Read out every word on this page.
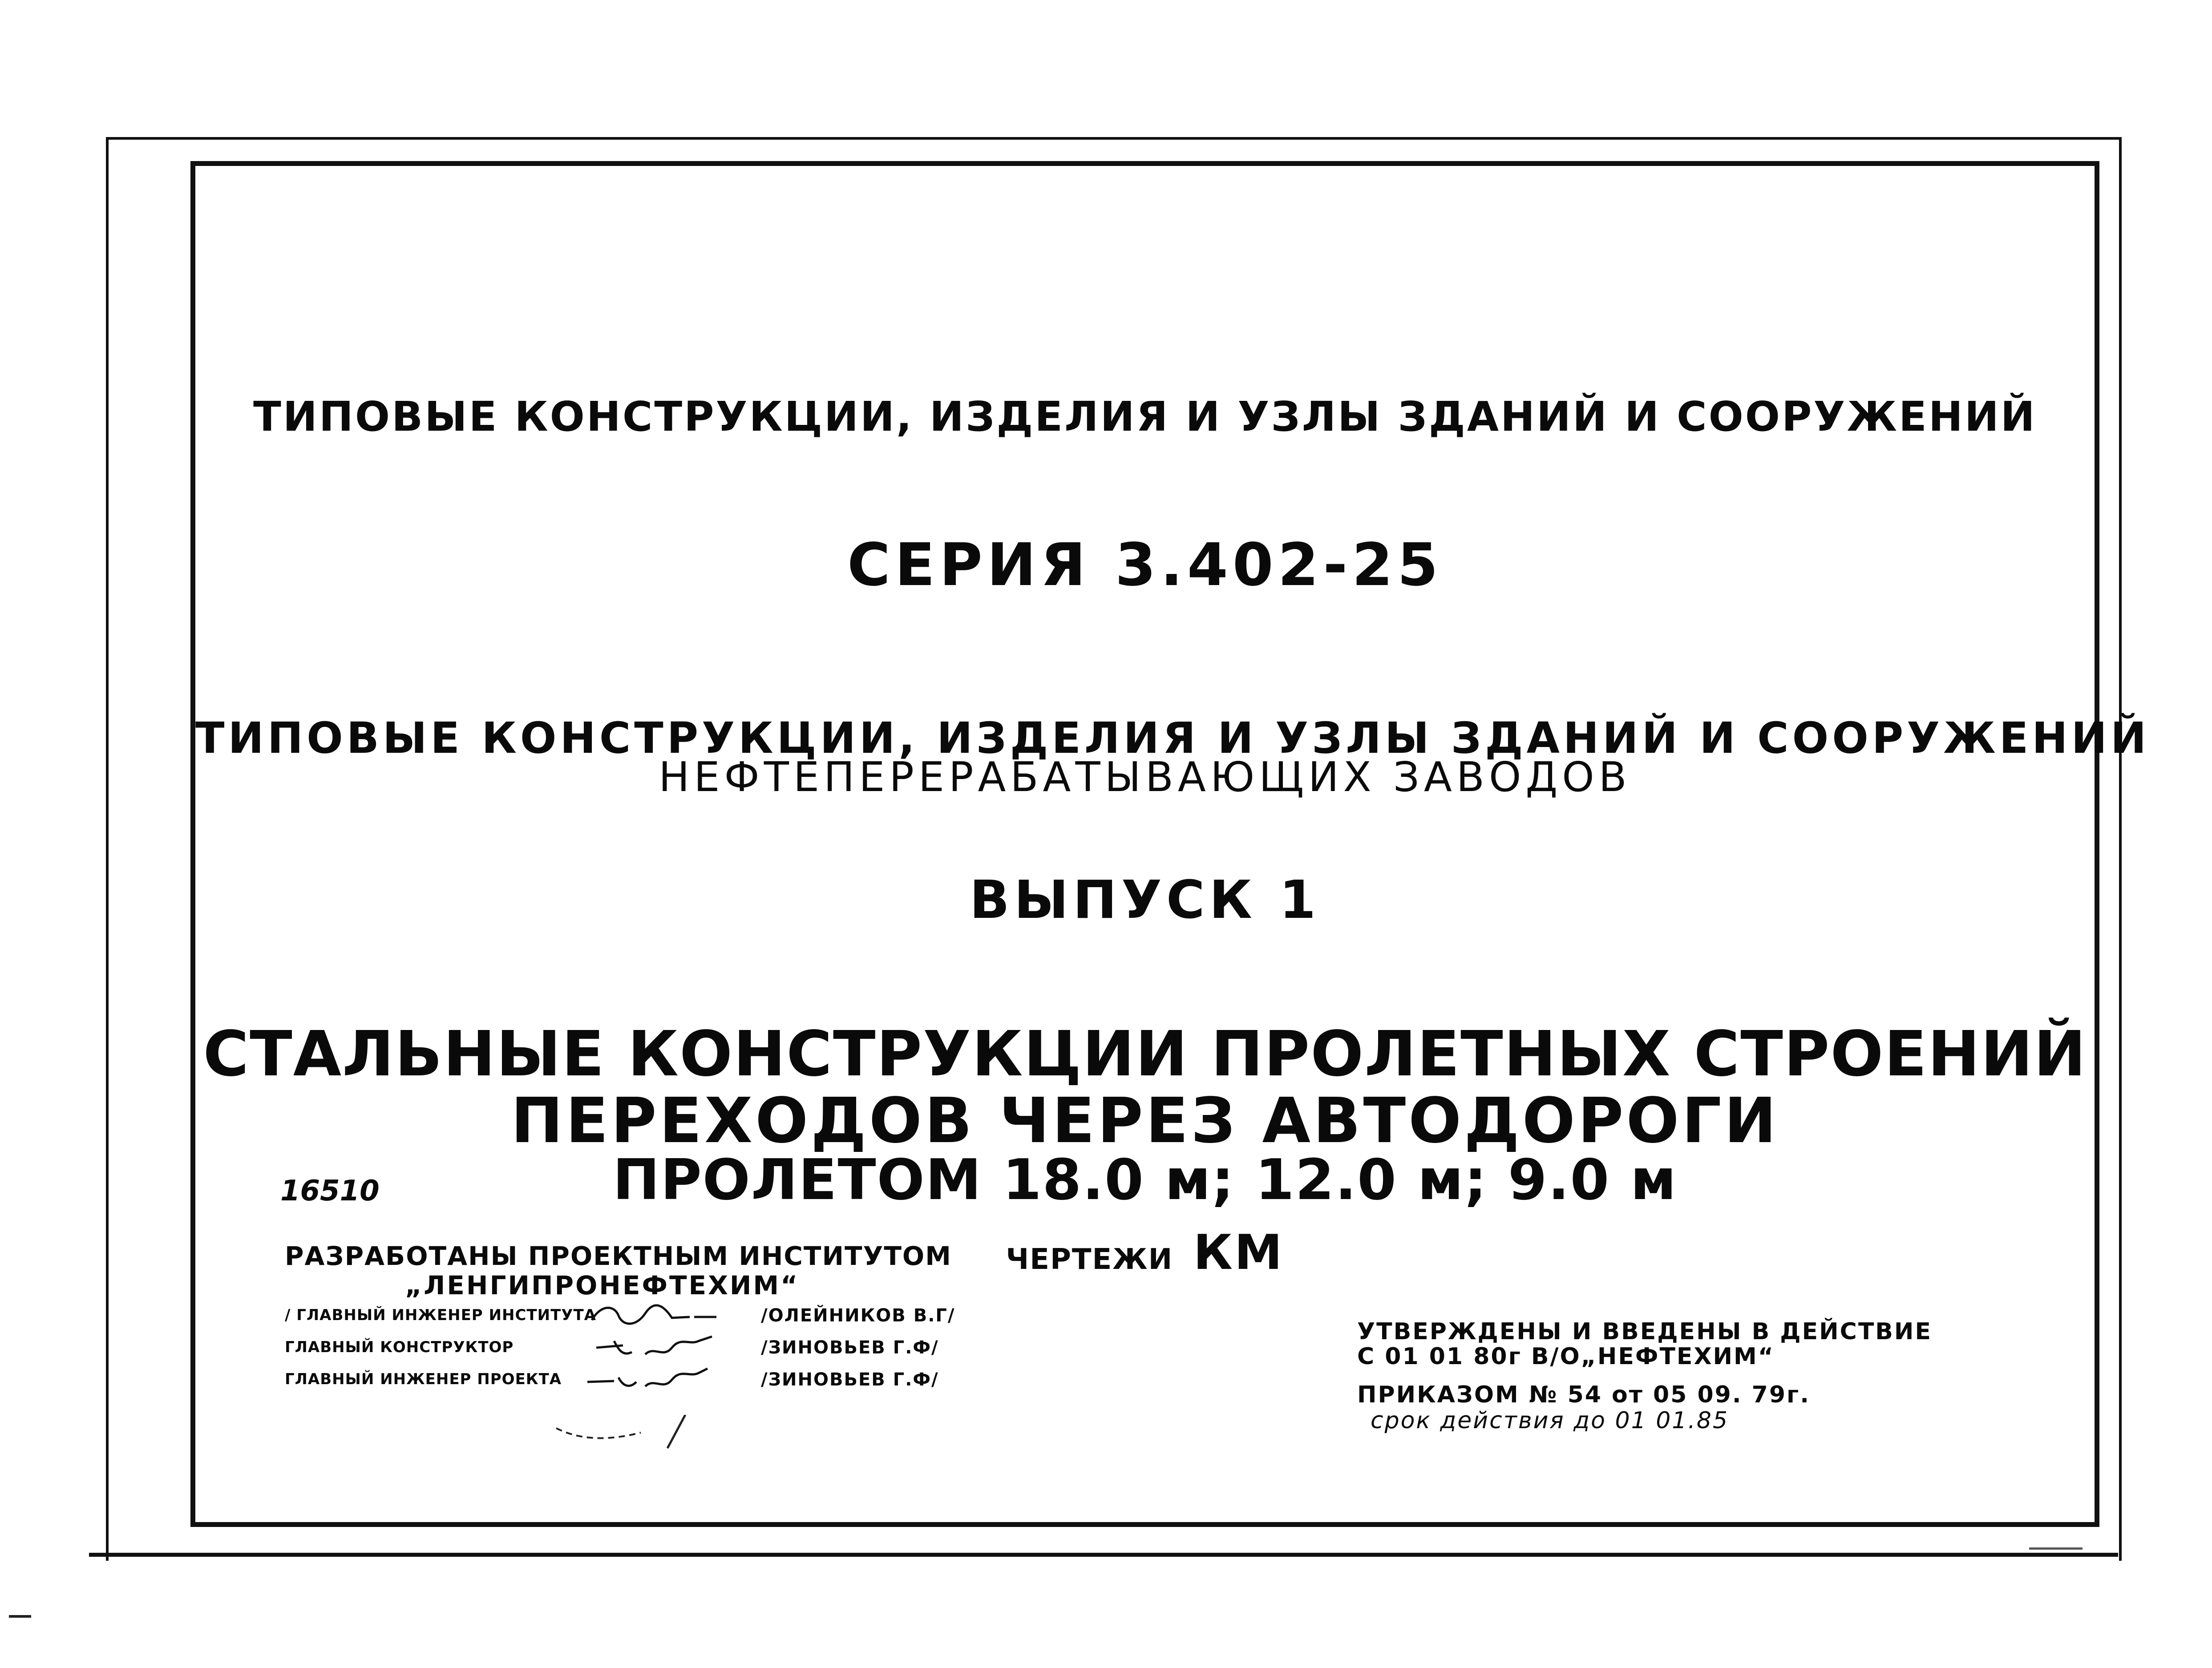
ТИПОВЫЕ КОНСТРУКЦИИ, ИЗДЕЛИЯ И УЗЛЫ ЗДАНИЙ И СООРУЖЕНИЙ
СЕРИЯ 3.402-25
ТИПОВЫЕ КОНСТРУКЦИИ, ИЗДЕЛИЯ И УЗЛЫ ЗДАНИЙ И СООРУЖЕНИЙ
НЕФТЕПЕРЕРАБАТЫВАЮЩИХ ЗАВОДОВ
ВЫПУСК 1
СТАЛЬНЫЕ КОНСТРУКЦИИ ПРОЛЕТНЫХ СТРОЕНИЙ
ПЕРЕХОДОВ ЧЕРЕЗ АВТОДОРОГИ
ПРОЛЕТОМ 18.0 м; 12.0 м; 9.0 м
ЧЕРТЕЖИ КМ
16510
РАЗРАБОТАНЫ ПРОЕКТНЫМ ИНСТИТУТОМ
„ЛЕНГИПРОНЕФТЕХИМ“
/ ГЛАВНЫЙ ИНЖЕНЕР ИНСТИТУТА	/ОЛЕЙНИКОВ В.Г/
ГЛАВНЫЙ КОНСТРУКТОР	/ЗИНОВЬЕВ Г.Ф/
ГЛАВНЫЙ ИНЖЕНЕР ПРОЕКТА	/ЗИНОВЬЕВ Г.Ф/
УТВЕРЖДЕНЫ И ВВЕДЕНЫ В ДЕЙСТВИЕ
С 01 01 80г В/О„НЕФТЕХИМ“
ПРИКАЗОМ № 54 от 05 09. 79г.
срок действия до 01 01.85
